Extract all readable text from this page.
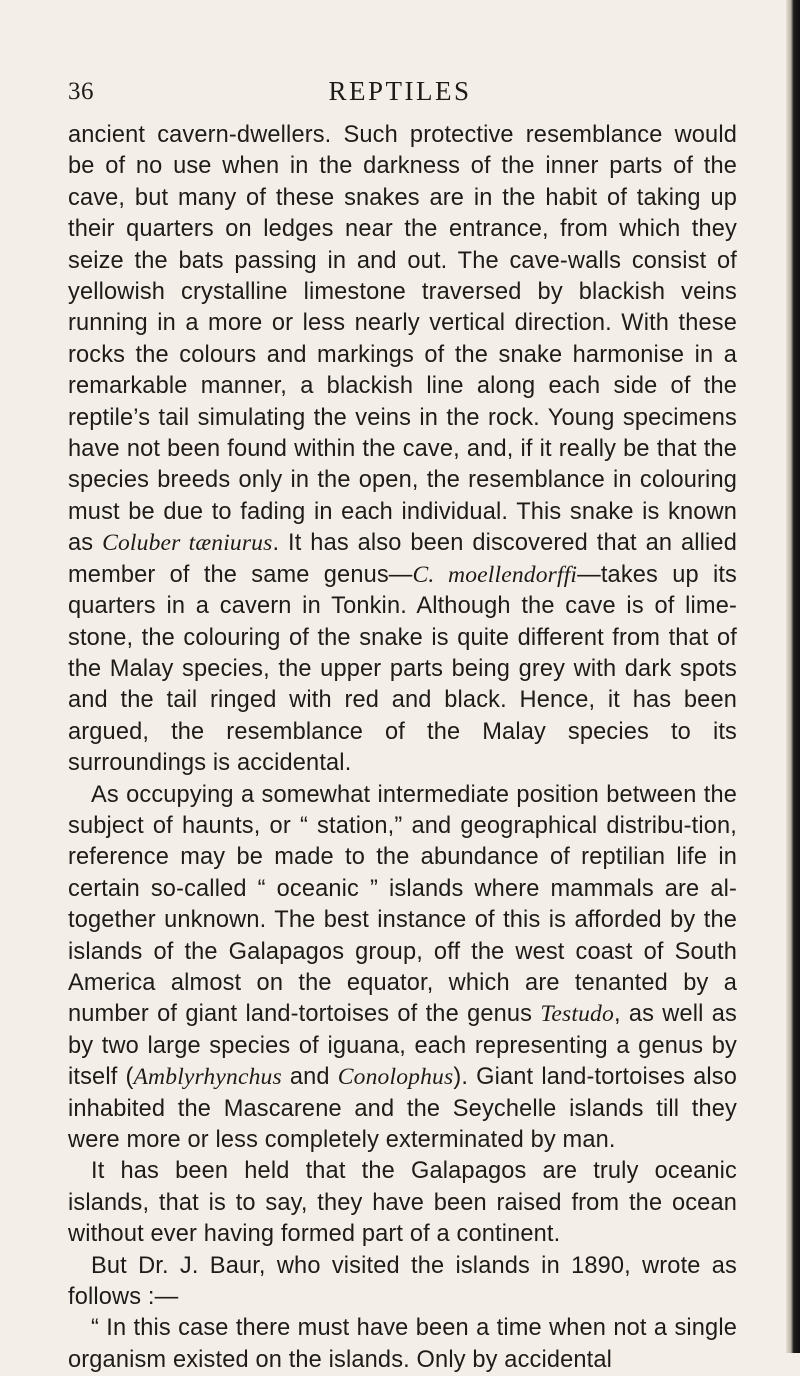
36	REPTILES

ancient cavern-dwellers. Such protective resemblance would be of no use when in the darkness of the inner parts of the cave, but many of these snakes are in the habit of taking up their quarters on ledges near the entrance, from which they seize the bats passing in and out. The cave-walls consist of yellowish crystalline limestone traversed by blackish veins running in a more or less nearly vertical direction. With these rocks the colours and markings of the snake harmonise in a remarkable manner, a blackish line along each side of the reptile’s tail simulating the veins in the rock. Young specimens have not been found within the cave, and, if it really be that the species breeds only in the open, the resemblance in colouring must be due to fading in each individual. This snake is known as Coluber tæniurus. It has also been discovered that an allied member of the same genus—C. moellendorffi—takes up its quarters in a cavern in Tonkin. Although the cave is of lime-stone, the colouring of the snake is quite different from that of the Malay species, the upper parts being grey with dark spots and the tail ringed with red and black. Hence, it has been argued, the resemblance of the Malay species to its surroundings is accidental.

As occupying a somewhat intermediate position between the subject of haunts, or “ station,” and geographical distribu-tion, reference may be made to the abundance of reptilian life in certain so-called “ oceanic ” islands where mammals are al-together unknown. The best instance of this is afforded by the islands of the Galapagos group, off the west coast of South America almost on the equator, which are tenanted by a number of giant land-tortoises of the genus Testudo, as well as by two large species of iguana, each representing a genus by itself (Amblyrhynchus and Conolophus). Giant land-tortoises also inhabited the Mascarene and the Seychelle islands till they were more or less completely exterminated by man.

It has been held that the Galapagos are truly oceanic islands, that is to say, they have been raised from the ocean without ever having formed part of a continent.

But Dr. J. Baur, who visited the islands in 1890, wrote as follows :—

“ In this case there must have been a time when not a single organism existed on the islands. Only by accidental
